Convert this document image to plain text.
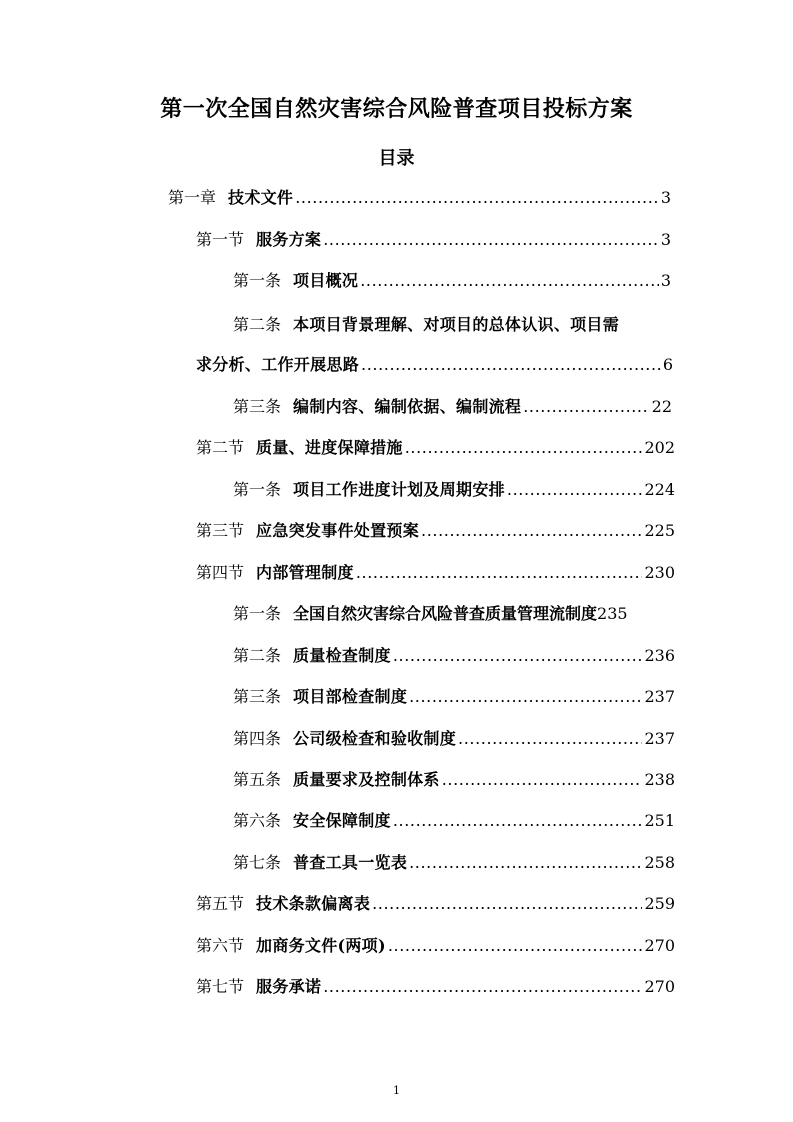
第一次全国自然灾害综合风险普查项目投标方案
目录
第一章 技术文件 .....	3
第一节 服务方案 .....	3
第一条 项目概况 .....	3
第二条 本项目背景理解、对项目的总体认识、项目需
求分析、工作开展思路 .....	6
第三条 编制内容、编制依据、编制流程 .....	22
第二节 质量、进度保障措施 .....	202
第一条 项目工作进度计划及周期安排 .....	224
第三节 应急突发事件处置预案 .....	225
第四节 内部管理制度 .....	230
第一条 全国自然灾害综合风险普查质量管理流制度 235
第二条 质量检查制度 .....	236
第三条 项目部检查制度 .....	237
第四条 公司级检查和验收制度 .....	237
第五条 质量要求及控制体系 .....	238
第六条 安全保障制度 .....	251
第七条 普查工具一览表 .....	258
第五节 技术条款偏离表 .....	259
第六节 加商务文件(两项) .....	270
第七节 服务承诺 .....	270
1
